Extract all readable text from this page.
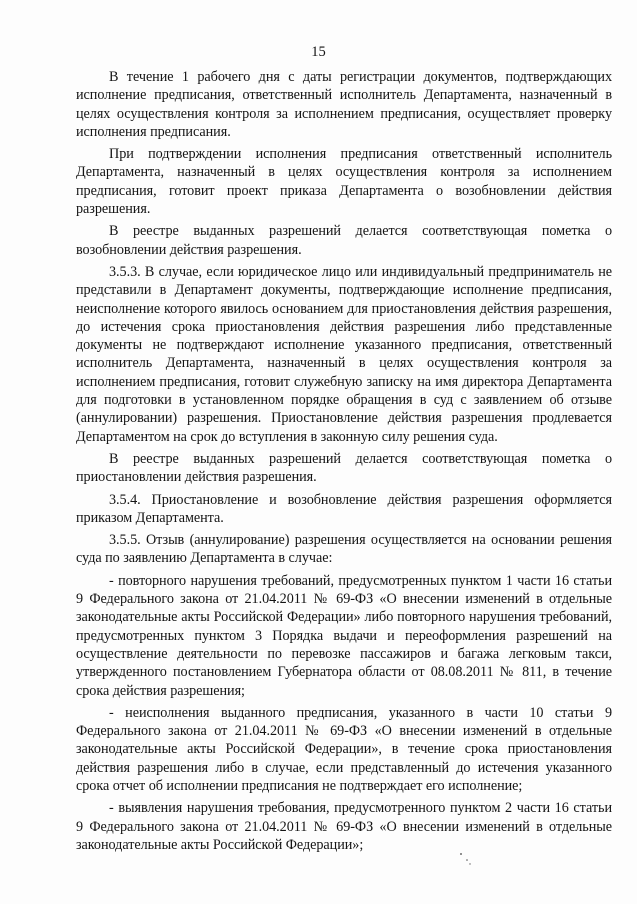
15

В течение 1 рабочего дня с даты регистрации документов, подтверждающих исполнение предписания, ответственный исполнитель Департамента, назначенный в целях осуществления контроля за исполнением предписания, осуществляет проверку исполнения предписания.

При подтверждении исполнения предписания ответственный исполнитель Департамента, назначенный в целях осуществления контроля за исполнением предписания, готовит проект приказа Департамента о возобновлении действия разрешения.

В реестре выданных разрешений делается соответствующая пометка о возобновлении действия разрешения.

3.5.3. В случае, если юридическое лицо или индивидуальный предприниматель не представили в Департамент документы, подтверждающие исполнение предписания, неисполнение которого явилось основанием для приостановления действия разрешения, до истечения срока приостановления действия разрешения либо представленные документы не подтверждают исполнение указанного предписания, ответственный исполнитель Департамента, назначенный в целях осуществления контроля за исполнением предписания, готовит служебную записку на имя директора Департамента для подготовки в установленном порядке обращения в суд с заявлением об отзыве (аннулировании) разрешения. Приостановление действия разрешения продлевается Департаментом на срок до вступления в законную силу решения суда.

В реестре выданных разрешений делается соответствующая пометка о приостановлении действия разрешения.

3.5.4. Приостановление и возобновление действия разрешения оформляется приказом Департамента.

3.5.5. Отзыв (аннулирование) разрешения осуществляется на основании решения суда по заявлению Департамента в случае:

- повторного нарушения требований, предусмотренных пунктом 1 части 16 статьи 9 Федерального закона от 21.04.2011 № 69-ФЗ «О внесении изменений в отдельные законодательные акты Российской Федерации» либо повторного нарушения требований, предусмотренных пунктом 3 Порядка выдачи и переоформления разрешений на осуществление деятельности по перевозке пассажиров и багажа легковым такси, утвержденного постановлением Губернатора области от 08.08.2011 № 811, в течение срока действия разрешения;

- неисполнения выданного предписания, указанного в части 10 статьи 9 Федерального закона от 21.04.2011 № 69-ФЗ «О внесении изменений в отдельные законодательные акты Российской Федерации», в течение срока приостановления действия разрешения либо в случае, если представленный до истечения указанного срока отчет об исполнении предписания не подтверждает его исполнение;

- выявления нарушения требования, предусмотренного пунктом 2 части 16 статьи 9 Федерального закона от 21.04.2011 № 69-ФЗ «О внесении изменений в отдельные законодательные акты Российской Федерации»;
